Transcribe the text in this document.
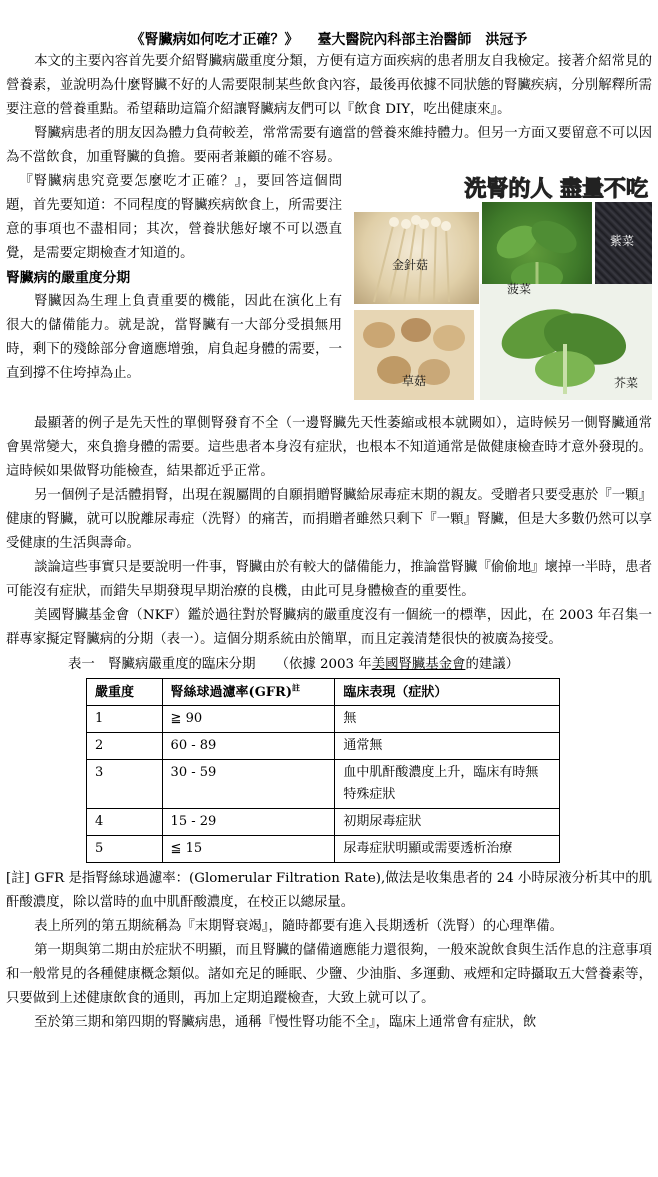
《腎臟病如何吃才正確？》 臺大醫院內科部主治醫師　洪冠予

本文的主要內容首先要介紹腎臟病嚴重度分類，方便有這方面疾病的患者朋友自我檢定。接著介紹常見的營養素，並說明為什麼腎臟不好的人需要限制某些飲食內容，最後再依據不同狀態的腎臟疾病，分別解釋所需要注意的營養重點。希望藉助這篇介紹讓腎臟病友們可以『飲食 DIY，吃出健康來』。

腎臟病患者的朋友因為體力負荷較差，常常需要有適當的營養來維持體力。但另一方面又要留意不可以因為不當飲食，加重腎臟的負擔。要兩者兼顧的確不容易。

洗腎的人 盡量不吃
金針菇
菠菜
紫菜
草菇	芥菜

『腎臟病患究竟要怎麼吃才正確？』，要回答這個問題，首先要知道：不同程度的腎臟疾病飲食上，所需要注意的事項也不盡相同；其次，營養狀態好壞不可以憑直覺，是需要定期檢查才知道的。

腎臟病的嚴重度分期

腎臟因為生理上負責重要的機能，因此在演化上有很大的儲備能力。就是說，當腎臟有一大部分受損無用時，剩下的殘餘部分會適應增強，肩負起身體的需要，一直到撐不住垮掉為止。

最顯著的例子是先天性的單側腎發育不全（一邊腎臟先天性萎縮或根本就闕如），這時候另一側腎臟通常會異常變大，來負擔身體的需要。這些患者本身沒有症狀，也根本不知道通常是做健康檢查時才意外發現的。這時候如果做腎功能檢查，結果都近乎正常。

另一個例子是活體捐腎，出現在親屬間的自願捐贈腎臟給尿毒症末期的親友。受贈者只要受惠於『一顆』健康的腎臟，就可以脫離尿毒症（洗腎）的痛苦，而捐贈者雖然只剩下『一顆』腎臟，但是大多數仍然可以享受健康的生活與壽命。

談論這些事實只是要說明一件事，腎臟由於有較大的儲備能力，推論當腎臟『偷偷地』壞掉一半時，患者可能沒有症狀，而錯失早期發現早期治療的良機，由此可見身體檢查的重要性。

美國腎臟基金會（NKF）鑑於過往對於腎臟病的嚴重度沒有一個統一的標準，因此，在 2003 年召集一群專家擬定腎臟病的分期（表一）。這個分期系統由於簡單，而且定義清楚很快的被廣為接受。

表一　腎臟病嚴重度的臨床分期　　（依據 2003 年美國腎臟基金會的建議）
嚴重度	腎絲球過濾率(GFR)$^註$	臨床表現（症狀）
1	≧ 90	無
2	60 - 89	通常無
3	30 - 59	血中肌酐酸濃度上升，臨床有時無特殊症狀
4	15 - 29	初期尿毒症狀
5	≦ 15	尿毒症狀明顯或需要透析治療

[註] GFR 是指腎絲球過濾率：(Glomerular Filtration Rate),做法是收集患者的 24 小時尿液分析其中的肌酐酸濃度，除以當時的血中肌酐酸濃度，在校正以總尿量。

表上所列的第五期統稱為『末期腎衰竭』，隨時都要有進入長期透析（洗腎）的心理準備。

第一期與第二期由於症狀不明顯，而且腎臟的儲備適應能力還很夠，一般來說飲食與生活作息的注意事項和一般常見的各種健康概念類似。諸如充足的睡眠、少鹽、少油脂、多運動、戒煙和定時攝取五大營養素等，只要做到上述健康飲食的通則，再加上定期追蹤檢查，大致上就可以了。

至於第三期和第四期的腎臟病患，通稱『慢性腎功能不全』，臨床上通常會有症狀，飲
